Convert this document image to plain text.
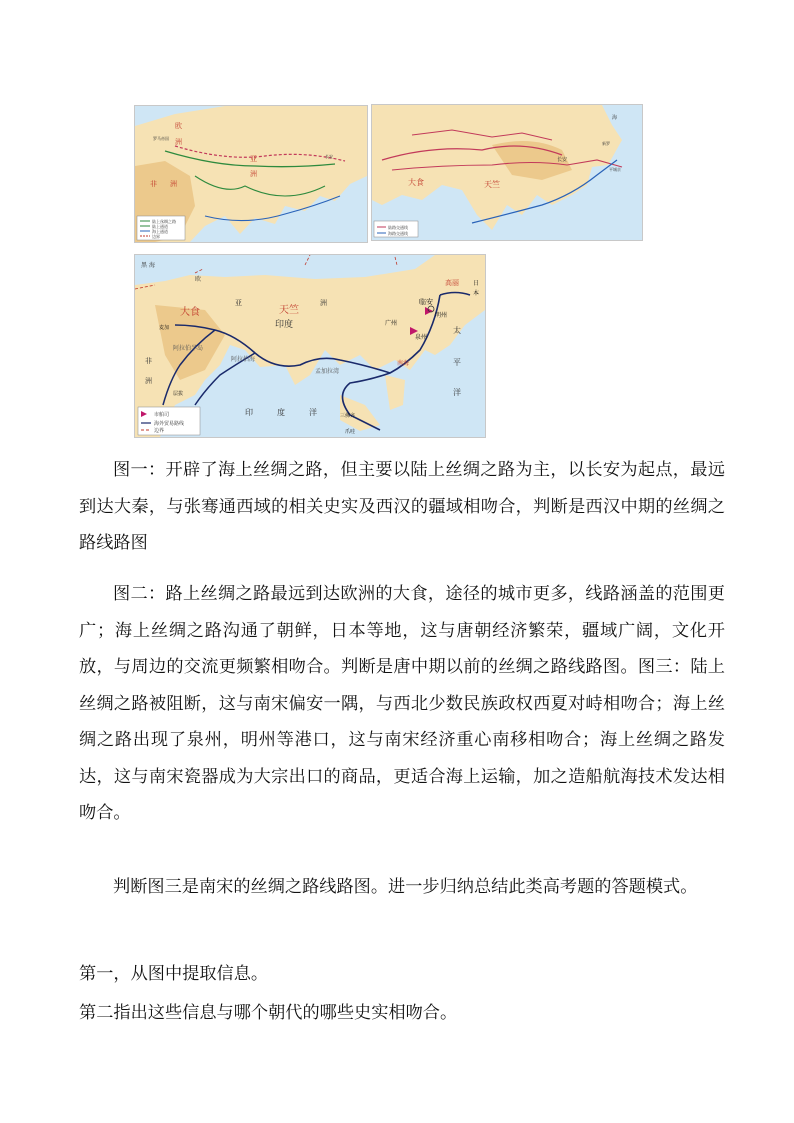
陆上丝绸之路
陆上通道
海上通道
边界
欧
洲
亚
洲
非 洲
罗马帝国
长安
陆路交通线
海路交通线
大食	天竺
长安
平城京
新罗
海
市舶司
海外贸易路线
边界
黑 海
大食	天竺
印度
阿拉伯半岛
阿拉伯海
孟加拉湾
印	度	洋
太
平
洋
非
洲
亚	洲
欧
临安
明州
泉州
广州
日
本
高丽
三佛齐
爪哇
麦加
层拔
南海

图一：开辟了海上丝绸之路，但主要以陆上丝绸之路为主，以长安为起点，最远到达大秦，与张骞通西域的相关史实及西汉的疆域相吻合，判断是西汉中期的丝绸之路线路图

图二：路上丝绸之路最远到达欧洲的大食，途径的城市更多，线路涵盖的范围更广；海上丝绸之路沟通了朝鲜，日本等地，这与唐朝经济繁荣，疆域广阔，文化开放，与周边的交流更频繁相吻合。判断是唐中期以前的丝绸之路线路图。图三：陆上丝绸之路被阻断，这与南宋偏安一隅，与西北少数民族政权西夏对峙相吻合；海上丝绸之路出现了泉州，明州等港口，这与南宋经济重心南移相吻合；海上丝绸之路发达，这与南宋瓷器成为大宗出口的商品，更适合海上运输，加之造船航海技术发达相吻合。

判断图三是南宋的丝绸之路线路图。进一步归纳总结此类高考题的答题模式。

第一，从图中提取信息。

第二指出这些信息与哪个朝代的哪些史实相吻合。
